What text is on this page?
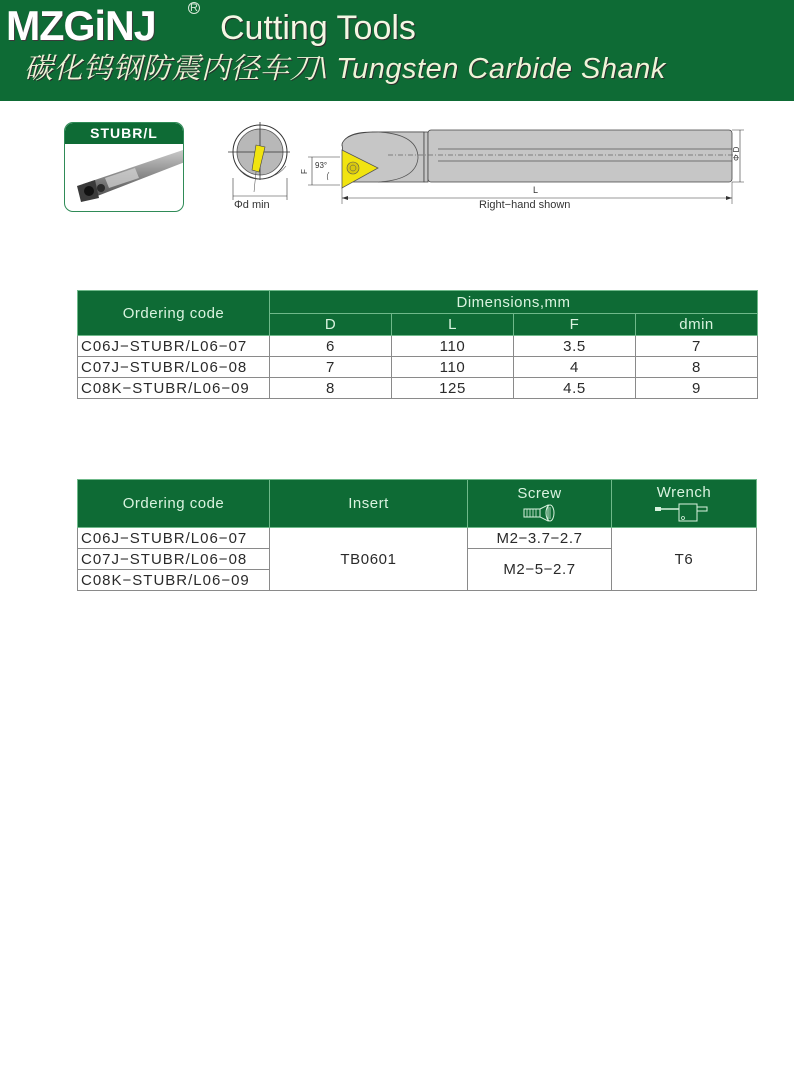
MZGiNJ	R
Cutting Tools
碳化钨钢防震内径车刀\ Tungsten Carbide Shank
STUBR/L
F
93°
Φ D
Φd min
L
Right−hand shown
Ordering code	Dimensions,mm			
	D	L	F	dmin
C06J−STUBR/L06−07	6	110	3.5	7
C07J−STUBR/L06−08	7	110	4	8
C08K−STUBR/L06−09	8	125	4.5	9
Ordering code	Insert	Screw	Wrench

C06J−STUBR/L06−07	TB0601	M2−3.7−2.7	T6
C07J−STUBR/L06−08		M2−5−2.7	
C08K−STUBR/L06−09			
